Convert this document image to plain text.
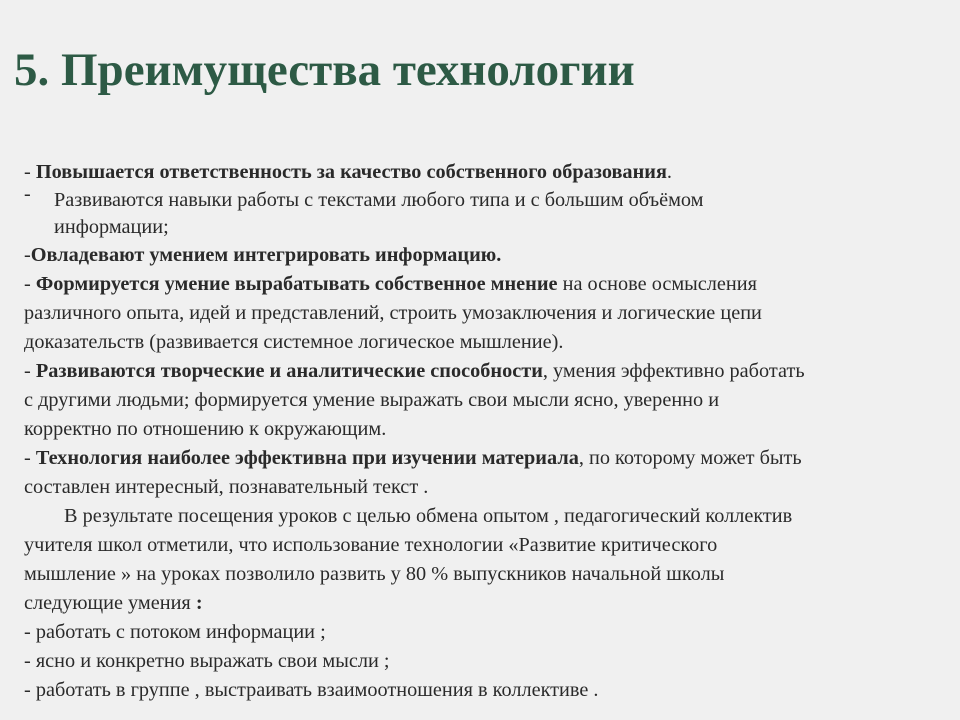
5. Преимущества технологии
- Повышается ответственность за качество собственного образования.
- Развиваются навыки работы с текстами любого типа и с большим объёмом
информации;
-Овладевают умением интегрировать информацию.
- Формируется умение вырабатывать собственное мнение на основе осмысления
различного опыта, идей и представлений, строить умозаключения и логические цепи
доказательств (развивается системное логическое мышление).
- Развиваются творческие и аналитические способности, умения эффективно работать
с другими людьми; формируется умение выражать свои мысли ясно, уверенно и
корректно по отношению к окружающим.
- Технология наиболее эффективна при изучении материала, по которому может быть
составлен интересный, познавательный текст .
В результате посещения уроков с целью обмена опытом , педагогический коллектив
учителя школ отметили, что использование технологии «Развитие критического
мышление » на уроках позволило развить у 80 % выпускников начальной школы
следующие умения :
- работать с потоком информации ;
- ясно и конкретно выражать свои мысли ;
- работать в группе , выстраивать взаимоотношения в коллективе .
